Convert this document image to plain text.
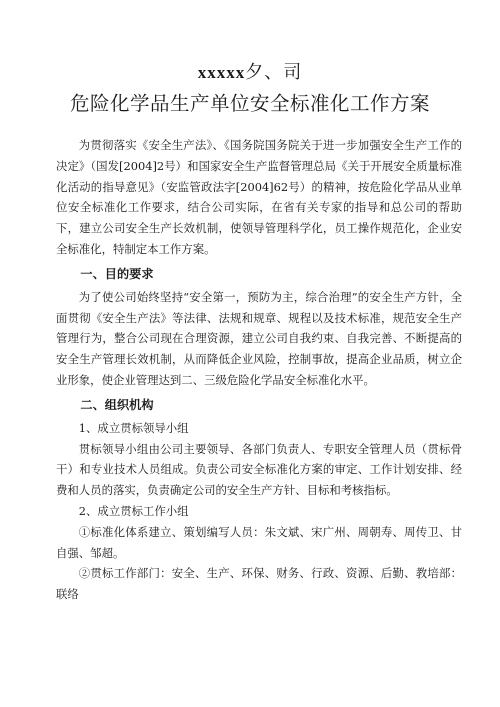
xxxxx夕、司
危险化学品生产单位安全标准化工作方案

为贯彻落实《安全生产法》、《国务院国务院关于进一步加强安全生产工作的决定》（国发[2004]2号）和国家安全生产监督管理总局《关于开展安全质量标准化活动的指导意见》（安监管政法字[2004]62号）的精神，按危险化学品从业单位安全标准化工作要求，结合公司实际，在省有关专家的指导和总公司的帮助下，建立公司安全生产长效机制，使领导管理科学化，员工操作规范化，企业安全标准化，特制定本工作方案。

一、目的要求

为了使公司始终坚持“安全第一，预防为主，综合治理”的安全生产方针，全面贯彻《安全生产法》等法律、法规和规章、规程以及技术标准，规范安全生产管理行为，整合公司现在合理资源，建立公司自我约束、自我完善、不断提高的安全生产管理长效机制，从而降低企业风险，控制事故，提高企业品质，树立企业形象，使企业管理达到二、三级危险化学品安全标准化水平。

二、组织机构

1、成立贯标领导小组

贯标领导小组由公司主要领导、各部门负责人、专职安全管理人员（贯标骨干）和专业技术人员组成。负责公司安全标准化方案的审定、工作计划安排、经费和人员的落实，负责确定公司的安全生产方针、目标和考核指标。

2、成立贯标工作小组

①标准化体系建立、策划编写人员：朱文斌、宋广州、周朝寿、周传卫、甘自强、邹超。

②贯标工作部门：安全、生产、环保、财务、行政、资源、后勤、教培部：联络
